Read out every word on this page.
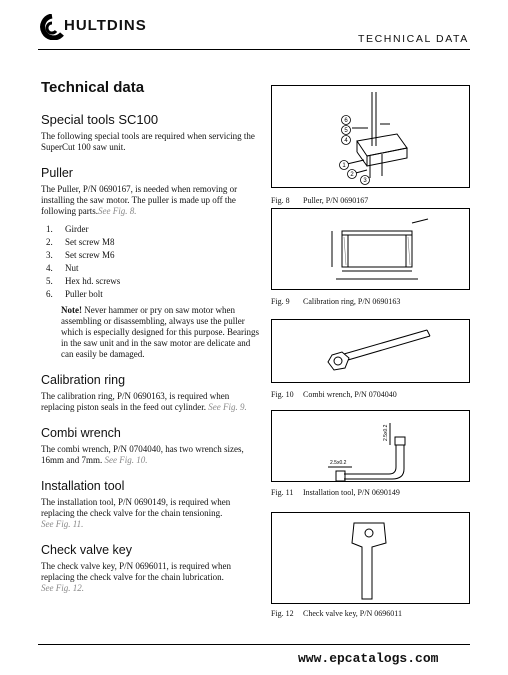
HULTDINS
TECHNICAL DATA
Technical data
Special tools SC100

The following special tools are required when servicing the SuperCut 100 saw unit.

Puller

The Puller, P/N 0690167, is needed when removing or installing the saw motor. The puller is made up off the following parts.See Fig. 8.

1.	Girder
2.	Set screw M8
3.	Set screw M6
4.	Nut
5.	Hex hd. screws
6.	Puller bolt
Note! Never hammer or pry on saw motor when assembling or disassembling, always use the puller which is especially designed for this purpose. Bearings in the saw unit and in the saw motor are delicate and can easily be damaged.
Calibration ring

The calibration ring, P/N 0690163, is required when replacing piston seals in the feed out cylinder. See Fig. 9.

Combi wrench

The combi wrench, P/N 0704040, has two wrench sizes, 16mm and 7mm. See Fig. 10.

Installation tool

The installation tool, P/N 0690149, is required when replacing the check valve for the chain tensioning.
See Fig. 11.

Check valve key

The check valve key, P/N 0696011, is required when replacing the check valve for the chain lubrication.
See Fig. 12.

6
5
4
1
2
3
Fig. 8 Puller, P/N 0690167
Fig. 9 Calibration ring, P/N 0690163
Fig. 10 Combi wrench, P/N 0704040
2.5x0.2
2.5x0.2
Fig. 11 Installation tool, P/N 0690149
Fig. 12 Check valve key, P/N 0696011
www.epcatalogs.com
